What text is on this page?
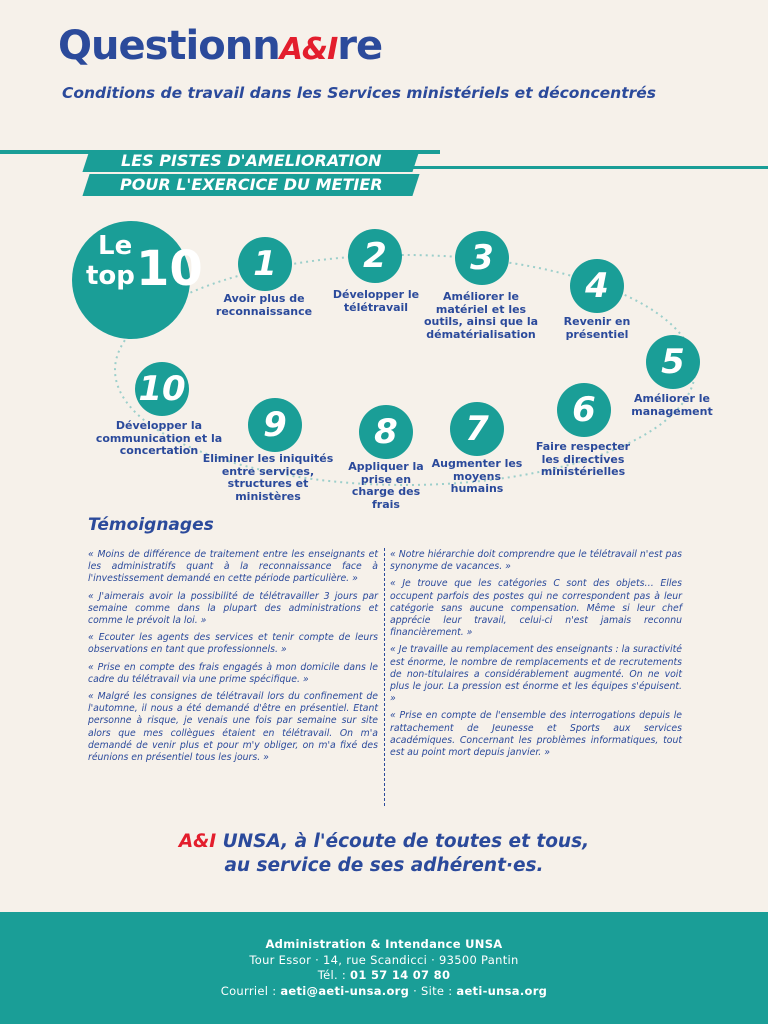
QuestionnA&Ire
Conditions de travail dans les Services ministériels et déconcentrés
LES PISTES D'AMELIORATION
POUR L'EXERCICE DU METIER
Le
top 10	1
Avoir plus de reconnaissance
2
Développer le télétravail
3
Améliorer le matériel et les outils, ainsi que la dématérialisation
4
Revenir en présentiel
5
Améliorer le management
6
Faire respecter les directives ministérielles
7
Augmenter les moyens humains
8
Appliquer la prise en charge des frais
9
Eliminer les iniquités entre services, structures et ministères
10
Développer la communication et la concertation
Témoignages

« Moins de différence de traitement entre les enseignants et les administratifs quant à la reconnaissance face à l'investissement demandé en cette période particulière. »

« J'aimerais avoir la possibilité de télétravailler 3 jours par semaine comme dans la plupart des administrations et comme le prévoit la loi. »

« Ecouter les agents des services et tenir compte de leurs observations en tant que professionnels. »

« Prise en compte des frais engagés à mon domicile dans le cadre du télétravail via une prime spécifique. »

« Malgré les consignes de télétravail lors du confinement de l'automne, il nous a été demandé d'être en présentiel. Etant personne à risque, je venais une fois par semaine sur site alors que mes collègues étaient en télétravail. On m'a demandé de venir plus et pour m'y obliger, on m'a fixé des réunions en présentiel tous les jours. »

« Notre hiérarchie doit comprendre que le télétravail n'est pas synonyme de vacances. »

« Je trouve que les catégories C sont des objets… Elles occupent parfois des postes qui ne correspondent pas à leur catégorie sans aucune compensation. Même si leur chef apprécie leur travail, celui-ci n'est jamais reconnu financièrement. »

« Je travaille au remplacement des enseignants : la suractivité est énorme, le nombre de remplacements et de recrutements de non-titulaires a considérablement augmenté. On ne voit plus le jour. La pression est énorme et les équipes s'épuisent. »

« Prise en compte de l'ensemble des interrogations depuis le rattachement de Jeunesse et Sports aux services académiques. Concernant les problèmes informatiques, tout est au point mort depuis janvier. »

A&I UNSA, à l'écoute de toutes et tous,
au service de ses adhérent·es.
Administration & Intendance UNSA
Tour Essor · 14, rue Scandicci · 93500 Pantin
Tél. : 01 57 14 07 80
Courriel : aeti@aeti-unsa.org · Site : aeti-unsa.org
